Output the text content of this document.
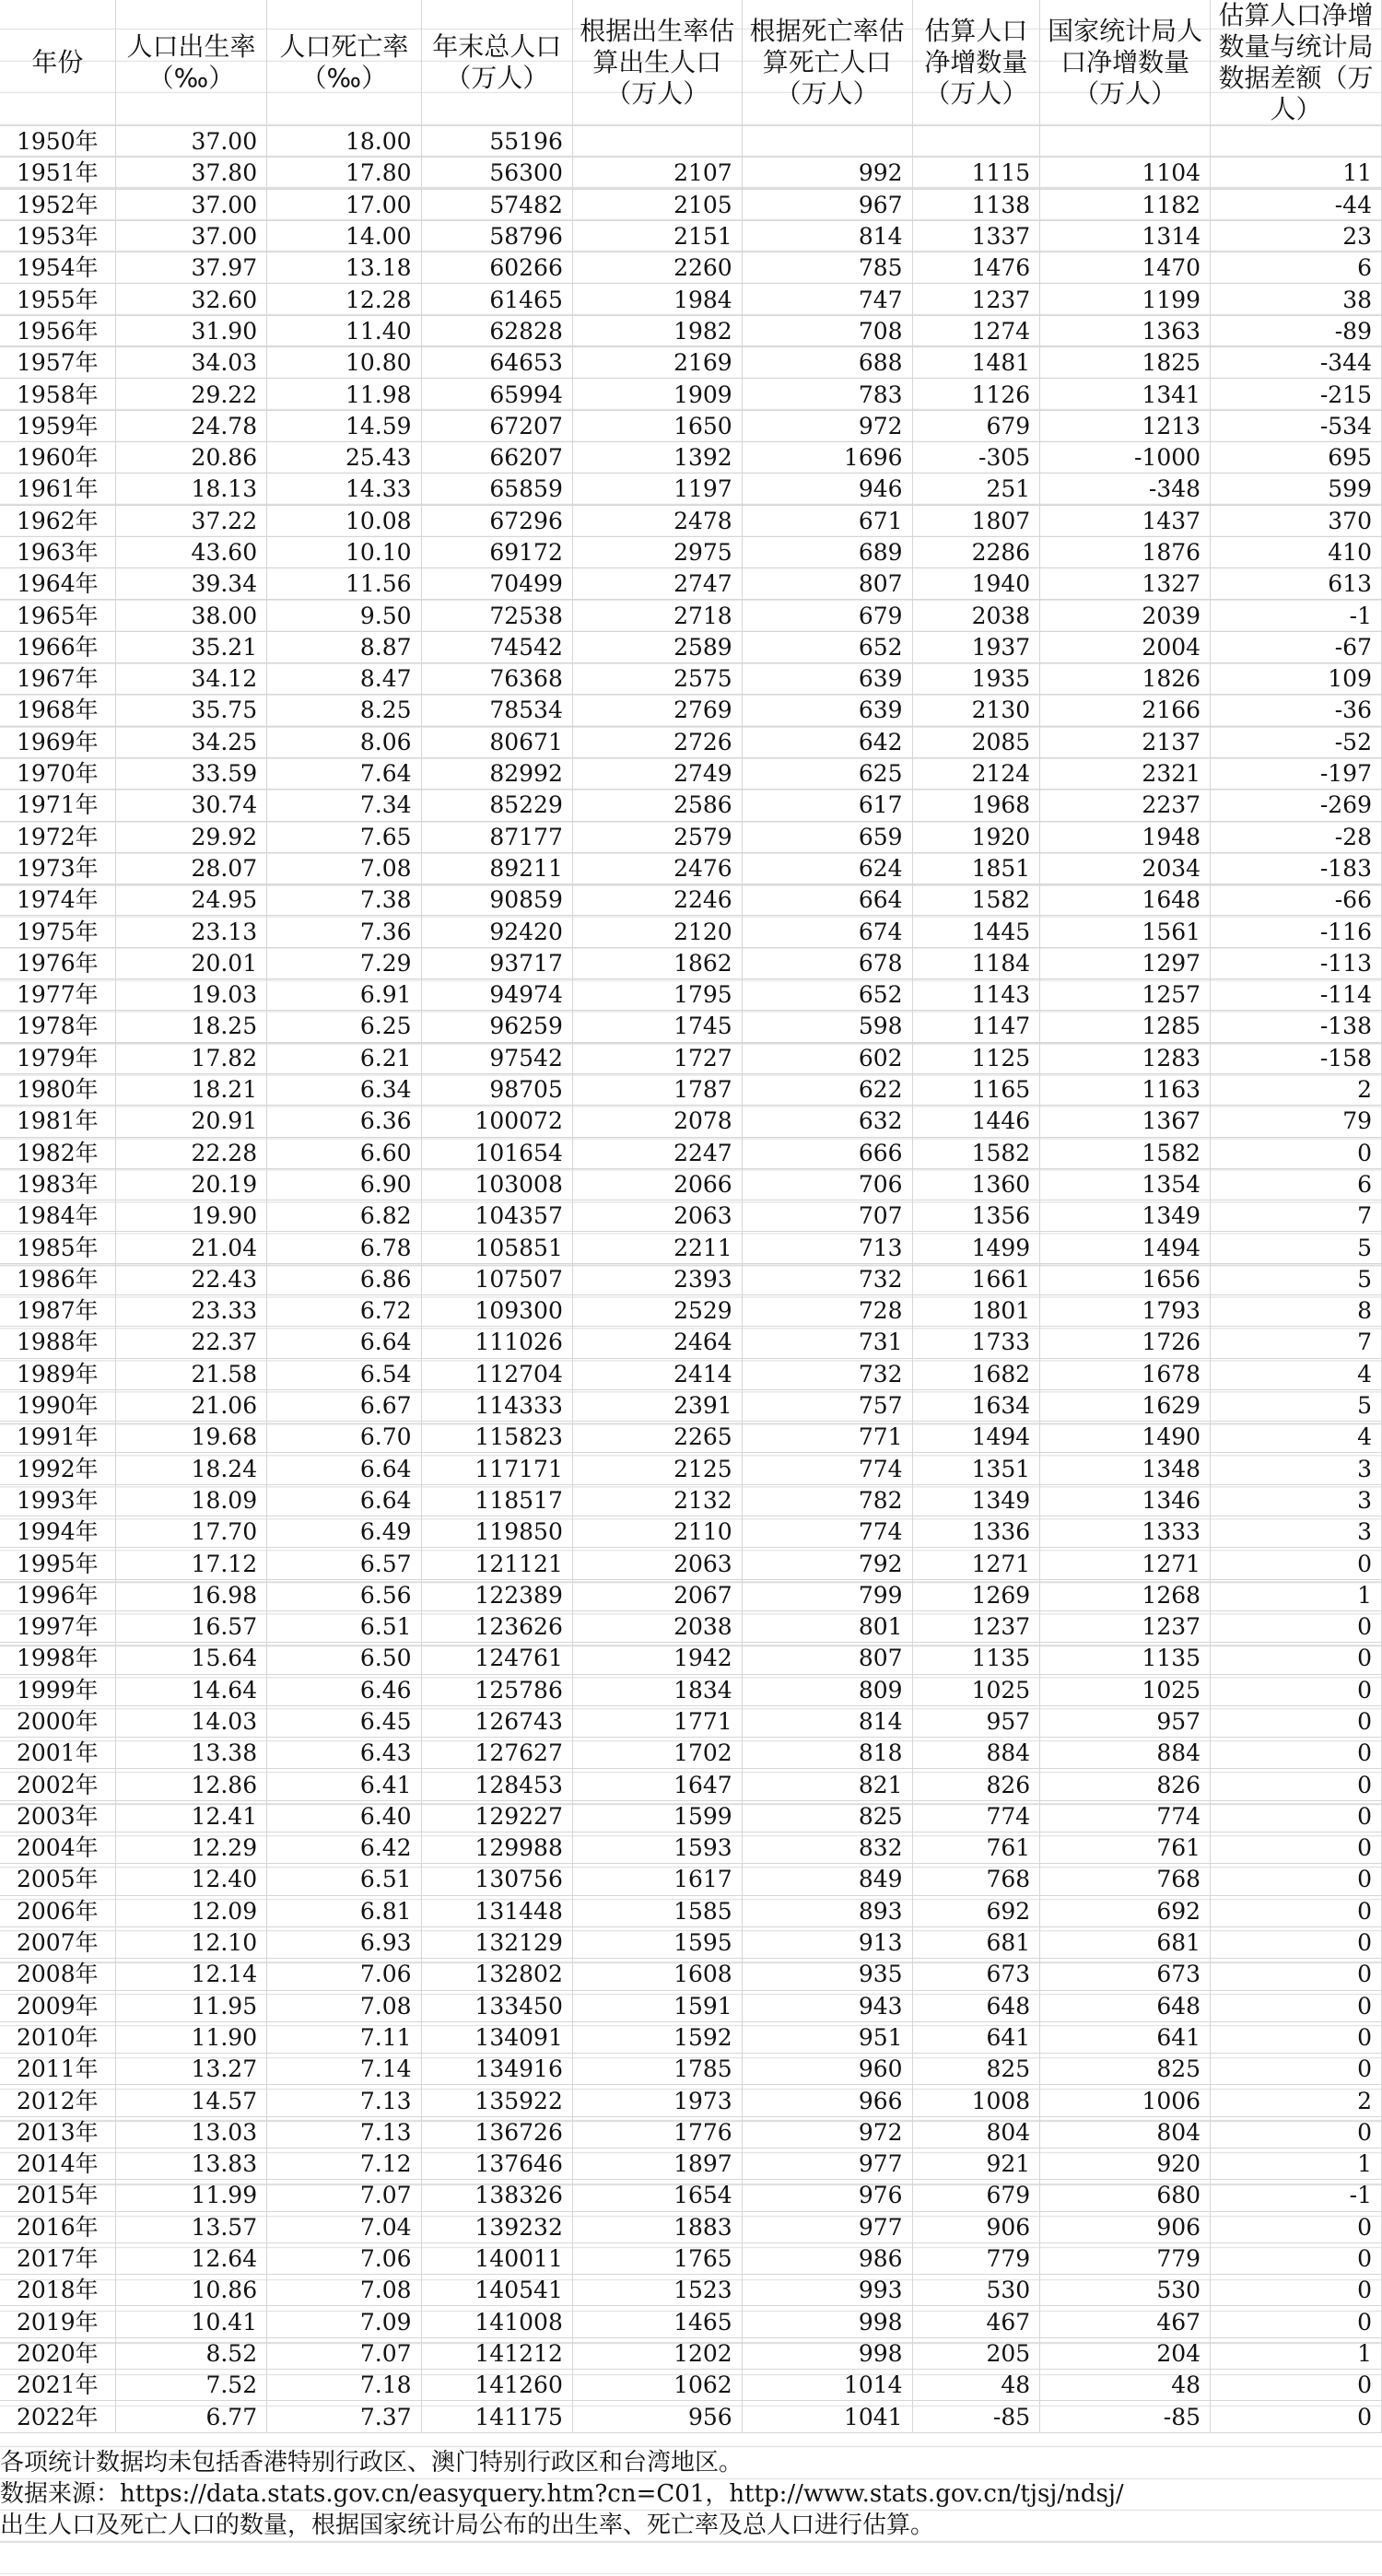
年份	人口出生率（‰）	人口死亡率（‰）	年末总人口（万人）	根据出生率估算出生人口（万人）	根据死亡率估算死亡人口（万人）	估算人口净增数量（万人）	国家统计局人口净增数量（万人）	估算人口净增数量与统计局数据差额（万人）
1950年	37.00	18.00	55196					
1951年	37.80	17.80	56300	2107	992	1115	1104	11
1952年	37.00	17.00	57482	2105	967	1138	1182	-44
1953年	37.00	14.00	58796	2151	814	1337	1314	23
1954年	37.97	13.18	60266	2260	785	1476	1470	6
1955年	32.60	12.28	61465	1984	747	1237	1199	38
1956年	31.90	11.40	62828	1982	708	1274	1363	-89
1957年	34.03	10.80	64653	2169	688	1481	1825	-344
1958年	29.22	11.98	65994	1909	783	1126	1341	-215
1959年	24.78	14.59	67207	1650	972	679	1213	-534
1960年	20.86	25.43	66207	1392	1696	-305	-1000	695
1961年	18.13	14.33	65859	1197	946	251	-348	599
1962年	37.22	10.08	67296	2478	671	1807	1437	370
1963年	43.60	10.10	69172	2975	689	2286	1876	410
1964年	39.34	11.56	70499	2747	807	1940	1327	613
1965年	38.00	9.50	72538	2718	679	2038	2039	-1
1966年	35.21	8.87	74542	2589	652	1937	2004	-67
1967年	34.12	8.47	76368	2575	639	1935	1826	109
1968年	35.75	8.25	78534	2769	639	2130	2166	-36
1969年	34.25	8.06	80671	2726	642	2085	2137	-52
1970年	33.59	7.64	82992	2749	625	2124	2321	-197
1971年	30.74	7.34	85229	2586	617	1968	2237	-269
1972年	29.92	7.65	87177	2579	659	1920	1948	-28
1973年	28.07	7.08	89211	2476	624	1851	2034	-183
1974年	24.95	7.38	90859	2246	664	1582	1648	-66
1975年	23.13	7.36	92420	2120	674	1445	1561	-116
1976年	20.01	7.29	93717	1862	678	1184	1297	-113
1977年	19.03	6.91	94974	1795	652	1143	1257	-114
1978年	18.25	6.25	96259	1745	598	1147	1285	-138
1979年	17.82	6.21	97542	1727	602	1125	1283	-158
1980年	18.21	6.34	98705	1787	622	1165	1163	2
1981年	20.91	6.36	100072	2078	632	1446	1367	79
1982年	22.28	6.60	101654	2247	666	1582	1582	0
1983年	20.19	6.90	103008	2066	706	1360	1354	6
1984年	19.90	6.82	104357	2063	707	1356	1349	7
1985年	21.04	6.78	105851	2211	713	1499	1494	5
1986年	22.43	6.86	107507	2393	732	1661	1656	5
1987年	23.33	6.72	109300	2529	728	1801	1793	8
1988年	22.37	6.64	111026	2464	731	1733	1726	7
1989年	21.58	6.54	112704	2414	732	1682	1678	4
1990年	21.06	6.67	114333	2391	757	1634	1629	5
1991年	19.68	6.70	115823	2265	771	1494	1490	4
1992年	18.24	6.64	117171	2125	774	1351	1348	3
1993年	18.09	6.64	118517	2132	782	1349	1346	3
1994年	17.70	6.49	119850	2110	774	1336	1333	3
1995年	17.12	6.57	121121	2063	792	1271	1271	0
1996年	16.98	6.56	122389	2067	799	1269	1268	1
1997年	16.57	6.51	123626	2038	801	1237	1237	0
1998年	15.64	6.50	124761	1942	807	1135	1135	0
1999年	14.64	6.46	125786	1834	809	1025	1025	0
2000年	14.03	6.45	126743	1771	814	957	957	0
2001年	13.38	6.43	127627	1702	818	884	884	0
2002年	12.86	6.41	128453	1647	821	826	826	0
2003年	12.41	6.40	129227	1599	825	774	774	0
2004年	12.29	6.42	129988	1593	832	761	761	0
2005年	12.40	6.51	130756	1617	849	768	768	0
2006年	12.09	6.81	131448	1585	893	692	692	0
2007年	12.10	6.93	132129	1595	913	681	681	0
2008年	12.14	7.06	132802	1608	935	673	673	0
2009年	11.95	7.08	133450	1591	943	648	648	0
2010年	11.90	7.11	134091	1592	951	641	641	0
2011年	13.27	7.14	134916	1785	960	825	825	0
2012年	14.57	7.13	135922	1973	966	1008	1006	2
2013年	13.03	7.13	136726	1776	972	804	804	0
2014年	13.83	7.12	137646	1897	977	921	920	1
2015年	11.99	7.07	138326	1654	976	679	680	-1
2016年	13.57	7.04	139232	1883	977	906	906	0
2017年	12.64	7.06	140011	1765	986	779	779	0
2018年	10.86	7.08	140541	1523	993	530	530	0
2019年	10.41	7.09	141008	1465	998	467	467	0
2020年	8.52	7.07	141212	1202	998	205	204	1
2021年	7.52	7.18	141260	1062	1014	48	48	0
2022年	6.77	7.37	141175	956	1041	-85	-85	0
各项统计数据均未包括香港特别行政区、澳门特别行政区和台湾地区。
数据来源：https://data.stats.gov.cn/easyquery.htm?cn=C01，http://www.stats.gov.cn/tjsj/ndsj/
出生人口及死亡人口的数量，根据国家统计局公布的出生率、死亡率及总人口进行估算。
